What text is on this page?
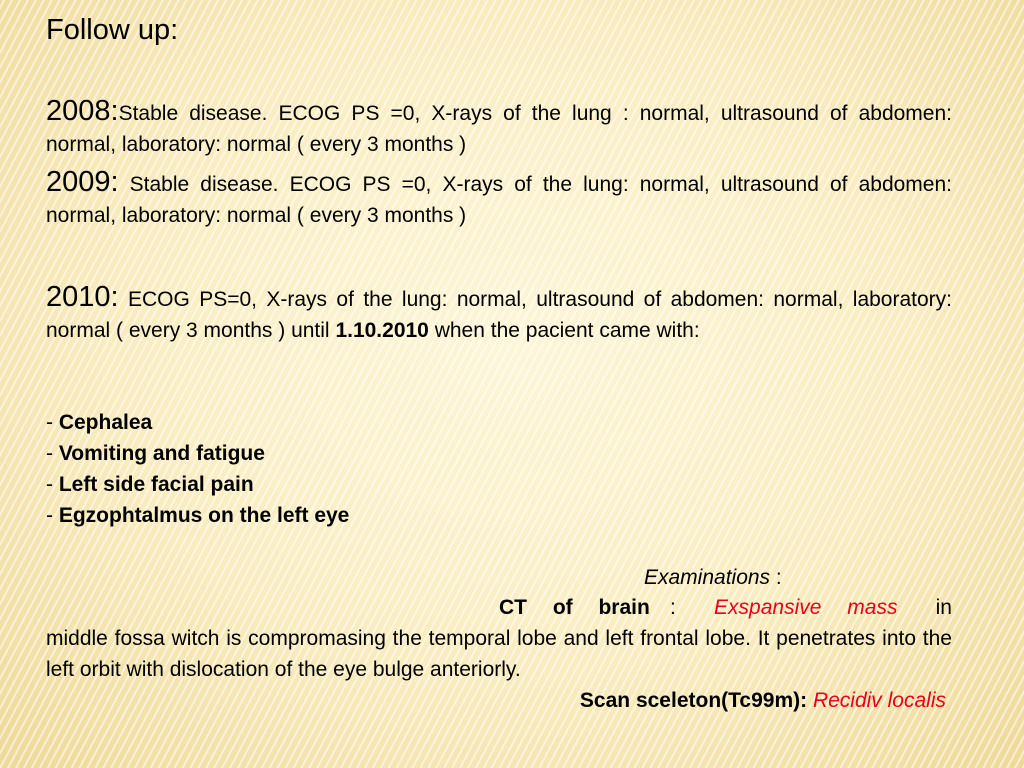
Follow up:
2008:Stable disease. ECOG PS =0, X-rays of the lung : normal, ultrasound of abdomen: normal, laboratory: normal ( every 3 months )
2009: Stable disease. ECOG PS =0, X-rays of the lung: normal, ultrasound of abdomen: normal, laboratory: normal ( every 3 months )
2010: ECOG PS=0, X-rays of the lung: normal, ultrasound of abdomen: normal, laboratory: normal ( every 3 months ) until 1.10.2010 when the pacient came with:
- Cephalea
- Vomiting and fatigue
- Left side facial pain
- Egzophtalmus on the left eye
Examinations :
CT of brain : Exspansive mass in
middle fossa witch is compromasing the temporal lobe and left frontal lobe. It penetrates into the left orbit with dislocation of the eye bulge anteriorly.
Scan sceleton(Tc99m): Recidiv localis
